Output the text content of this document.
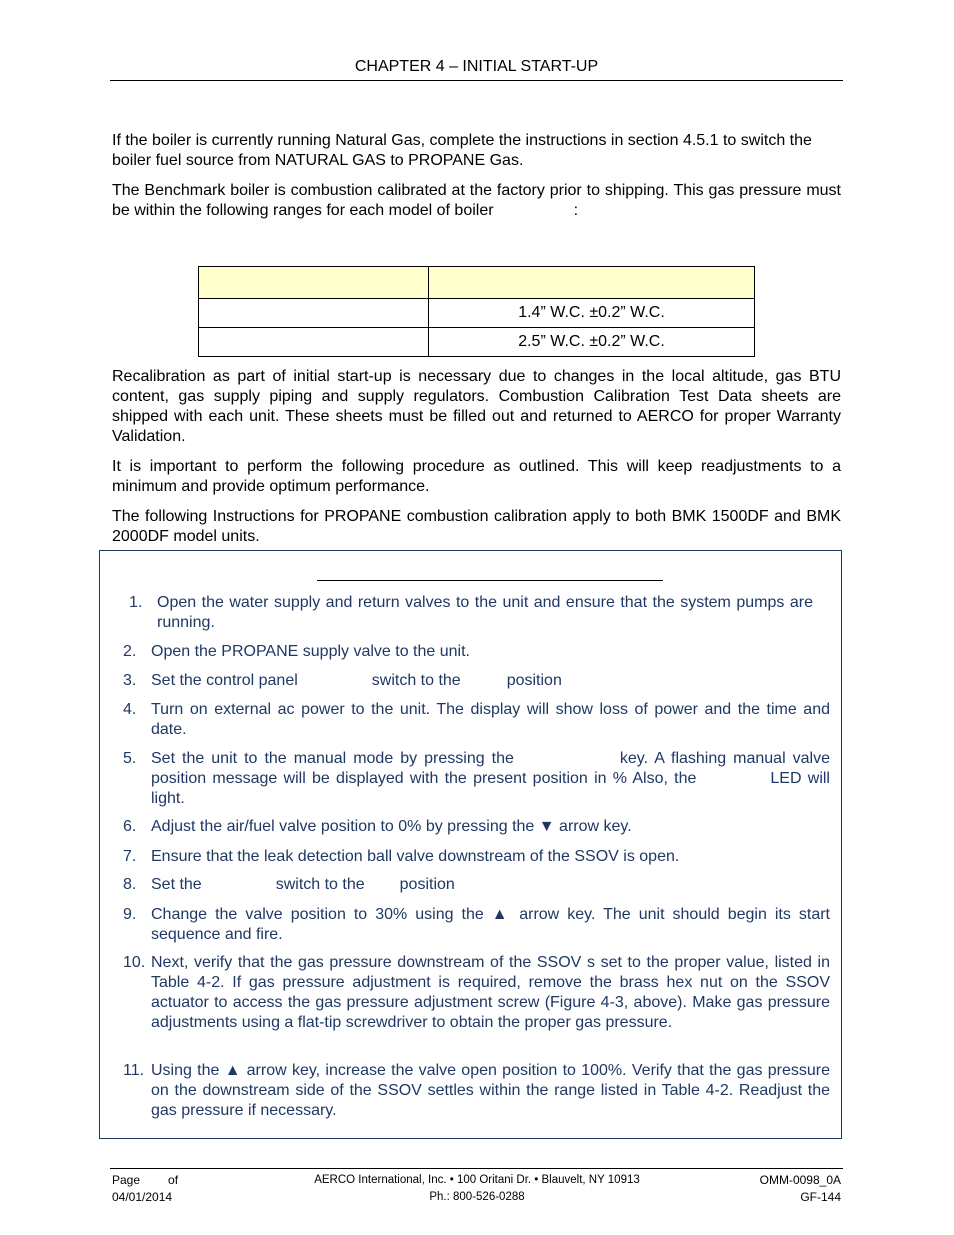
CHAPTER 4 – INITIAL START-UP
If the boiler is currently running Natural Gas, complete the instructions in section 4.5.1 to switch the boiler fuel source from NATURAL GAS to PROPANE Gas.
The Benchmark boiler is combustion calibrated at the factory prior to shipping. This gas pressure must be within the following ranges for each model of boiler	:

	1.4” W.C. ±0.2” W.C.
	2.5” W.C. ±0.2” W.C.
Recalibration as part of initial start-up is necessary due to changes in the local altitude, gas BTU content, gas supply piping and supply regulators. Combustion Calibration Test Data sheets are shipped with each unit. These sheets must be filled out and returned to AERCO for proper Warranty Validation.
It is important to perform the following procedure as outlined. This will keep readjustments to a minimum and provide optimum performance.
The following Instructions for PROPANE combustion calibration apply to both BMK 1500DF and BMK 2000DF model units.
1. Open the water supply and return valves to the unit and ensure that the system pumps are running.
2. Open the PROPANE supply valve to the unit.
3. Set the control panel	switch to the	position
4. Turn on external ac power to the unit. The display will show loss of power and the time and date.
5. Set the unit to the manual mode by pressing the	key. A flashing manual valve position message will be displayed with the present position in % Also, the	LED will light.
6. Adjust the air/fuel valve position to 0% by pressing the ▼ arrow key.
7. Ensure that the leak detection ball valve downstream of the SSOV is open.
8. Set the	switch to the position
9. Change the valve position to 30% using the ▲ arrow key. The unit should begin its start sequence and fire.
10. Next, verify that the gas pressure downstream of the SSOV s set to the proper value, listed in Table 4-2. If gas pressure adjustment is required, remove the brass hex nut on the SSOV actuator to access the gas pressure adjustment screw (Figure 4-3, above). Make gas pressure adjustments using a flat-tip screwdriver to obtain the proper gas pressure.
11. Using the ▲ arrow key, increase the valve open position to 100%. Verify that the gas pressure on the downstream side of the SSOV settles within the range listed in Table 4-2. Readjust the gas pressure if necessary.
Page of
04/01/2014
AERCO International, Inc. • 100 Oritani Dr. • Blauvelt, NY 10913
Ph.: 800-526-0288
OMM-0098_0A
GF-144
